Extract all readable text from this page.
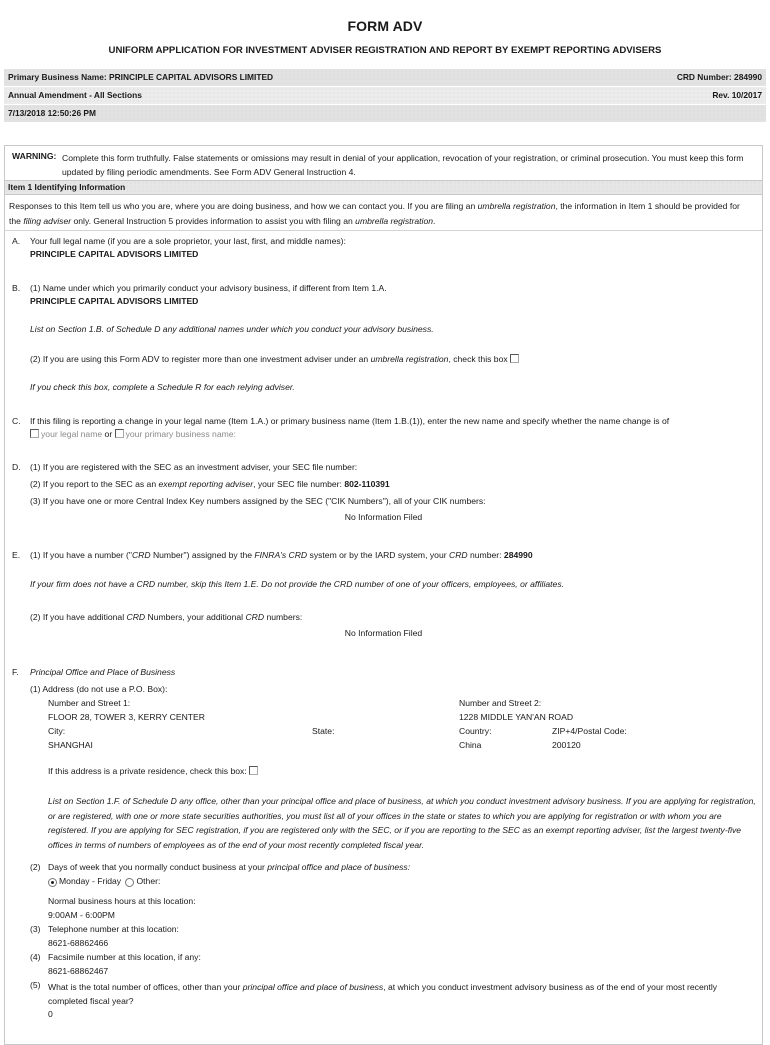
FORM ADV
UNIFORM APPLICATION FOR INVESTMENT ADVISER REGISTRATION AND REPORT BY EXEMPT REPORTING ADVISERS
Primary Business Name: PRINCIPLE CAPITAL ADVISORS LIMITED	CRD Number: 284990
Annual Amendment - All Sections	Rev. 10/2017
7/13/2018 12:50:26 PM
WARNING: Complete this form truthfully. False statements or omissions may result in denial of your application, revocation of your registration, or criminal prosecution. You must keep this form updated by filing periodic amendments. See Form ADV General Instruction 4.
Item 1 Identifying Information
Responses to this Item tell us who you are, where you are doing business, and how we can contact you. If you are filing an umbrella registration, the information in Item 1 should be provided for the filing adviser only. General Instruction 5 provides information to assist you with filing an umbrella registration.
A. Your full legal name (if you are a sole proprietor, your last, first, and middle names):
PRINCIPLE CAPITAL ADVISORS LIMITED
B. (1) Name under which you primarily conduct your advisory business, if different from Item 1.A.
PRINCIPLE CAPITAL ADVISORS LIMITED
List on Section 1.B. of Schedule D any additional names under which you conduct your advisory business.
(2) If you are using this Form ADV to register more than one investment adviser under an umbrella registration, check this box
If you check this box, complete a Schedule R for each relying adviser.
C. If this filing is reporting a change in your legal name (Item 1.A.) or primary business name (Item 1.B.(1)), enter the new name and specify whether the name change is of
your legal name or your primary business name:
D. (1) If you are registered with the SEC as an investment adviser, your SEC file number:
(2) If you report to the SEC as an exempt reporting adviser, your SEC file number: 802-110391
(3) If you have one or more Central Index Key numbers assigned by the SEC ("CIK Numbers"), all of your CIK numbers:
No Information Filed
E. (1) If you have a number ("CRD Number") assigned by the FINRA's CRD system or by the IARD system, your CRD number: 284990
If your firm does not have a CRD number, skip this Item 1.E. Do not provide the CRD number of one of your officers, employees, or affiliates.
(2) If you have additional CRD Numbers, your additional CRD numbers:
No Information Filed
F. Principal Office and Place of Business
(1) Address (do not use a P.O. Box):
Number and Street 1:
FLOOR 28, TOWER 3, KERRY CENTER
Number and Street 2:
1228 MIDDLE YAN'AN ROAD
City:
SHANGHAI
State:	Country:
China
ZIP+4/Postal Code:
200120
If this address is a private residence, check this box:
List on Section 1.F. of Schedule D any office, other than your principal office and place of business, at which you conduct investment advisory business. If you are applying for registration, or are registered, with one or more state securities authorities, you must list all of your offices in the state or states to which you are applying for registration or with whom you are registered. If you are applying for SEC registration, if you are registered only with the SEC, or if you are reporting to the SEC as an exempt reporting adviser, list the largest twenty-five offices in terms of numbers of employees as of the end of your most recently completed fiscal year.
(2) Days of week that you normally conduct business at your principal office and place of business:
Monday - Friday Other:
Normal business hours at this location:
9:00AM - 6:00PM
(3) Telephone number at this location:
8621-68862466
(4) Facsimile number at this location, if any:
8621-68862467
(5) What is the total number of offices, other than your principal office and place of business, at which you conduct investment advisory business as of the end of your most recently completed fiscal year?
0
